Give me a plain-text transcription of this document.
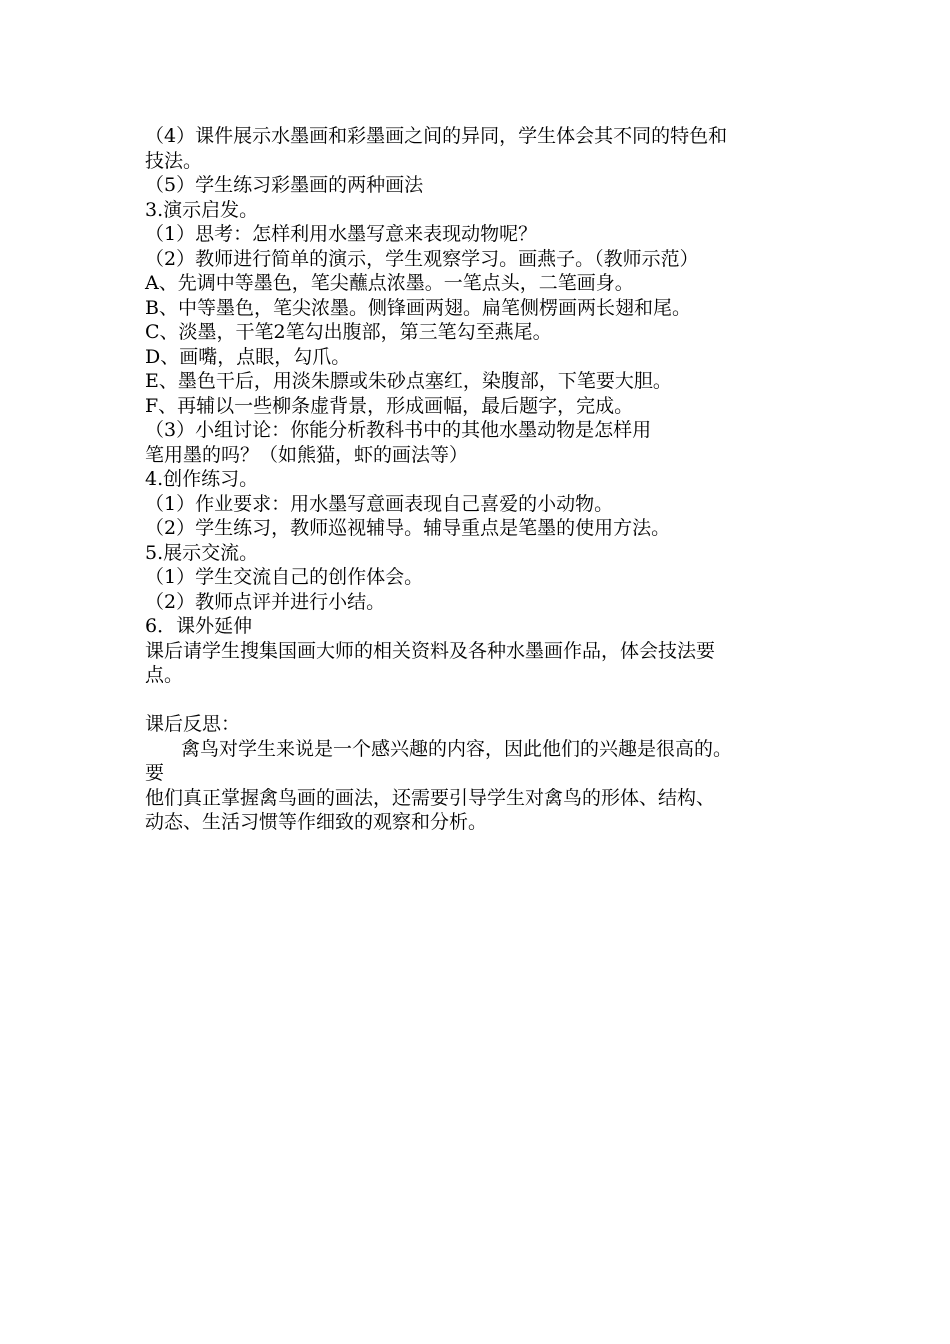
（4）课件展示水墨画和彩墨画之间的异同，学生体会其不同的特色和
技法。
（5）学生练习彩墨画的两种画法
3.演示启发。
（1）思考：怎样利用水墨写意来表现动物呢？
（2）教师进行简单的演示，学生观察学习。画燕子。（教师示范）
A、先调中等墨色，笔尖蘸点浓墨。一笔点头，二笔画身。
B、中等墨色，笔尖浓墨。侧锋画两翅。扁笔侧楞画两长翅和尾。
C、淡墨，干笔2笔勾出腹部，第三笔勾至燕尾。
D、画嘴，点眼，勾爪。
E、墨色干后，用淡朱膘或朱砂点塞红，染腹部，下笔要大胆。
F、再辅以一些柳条虚背景，形成画幅，最后题字，完成。
（3）小组讨论：你能分析教科书中的其他水墨动物是怎样用
笔用墨的吗？（如熊猫，虾的画法等）
4.创作练习。
（1）作业要求：用水墨写意画表现自己喜爱的小动物。
（2）学生练习，教师巡视辅导。辅导重点是笔墨的使用方法。
5.展示交流。
（1）学生交流自己的创作体会。
（2）教师点评并进行小结。
6．课外延伸
课后请学生搜集国画大师的相关资料及各种水墨画作品，体会技法要
点。
课后反思：
禽鸟对学生来说是一个感兴趣的内容，因此他们的兴趣是很高的。
要
他们真正掌握禽鸟画的画法，还需要引导学生对禽鸟的形体、结构、
动态、生活习惯等作细致的观察和分析。
